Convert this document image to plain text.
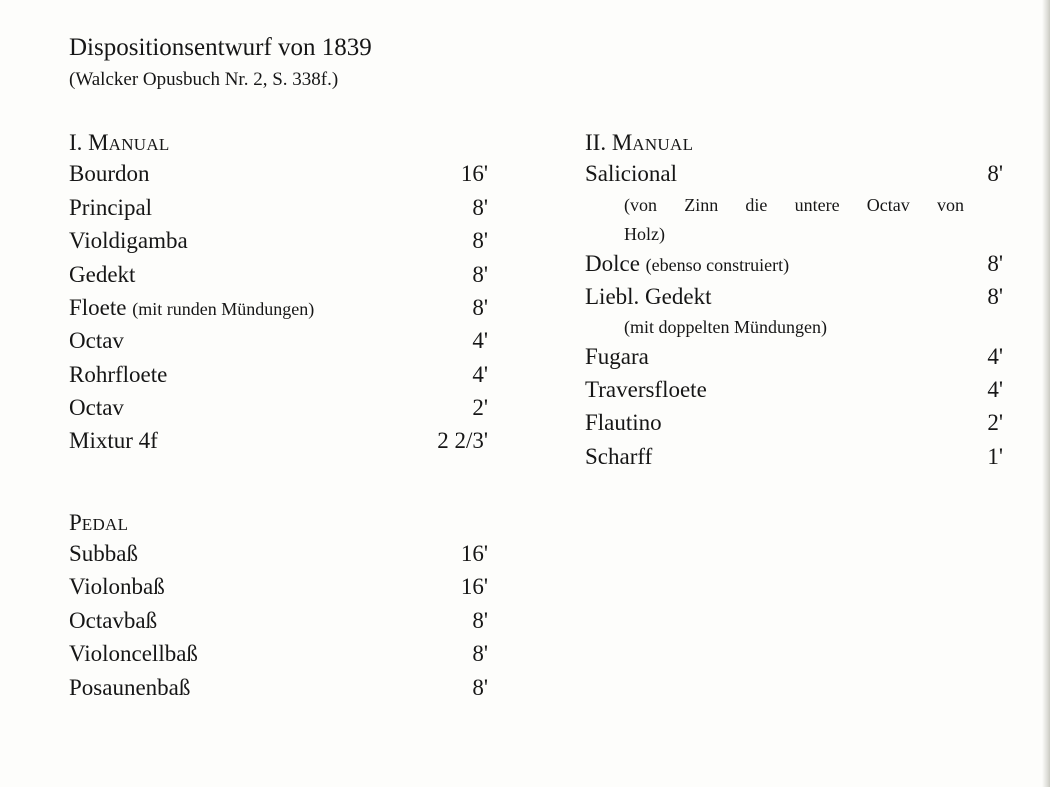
Dispositionsentwurf von 1839
(Walcker Opusbuch Nr. 2, S. 338f.)
I. MANUAL
Bourdon	16'
Principal	8'
Violdigamba	8'
Gedekt	8'
Floete (mit runden Mündungen)	8'
Octav	4'
Rohrfloete	4'
Octav	2'
Mixtur 4f	2 2/3'
PEDAL
Subbaß	16'
Violonbaß	16'
Octavbaß	8'
Violoncellbaß	8'
Posaunenbaß	8'
II. MANUAL
Salicional	8'
(von Zinn die untere Octav von
Holz)
Dolce (ebenso construiert)	8'
Liebl. Gedekt	8'
(mit doppelten Mündungen)
Fugara	4'
Traversfloete	4'
Flautino	2'
Scharff	1'
